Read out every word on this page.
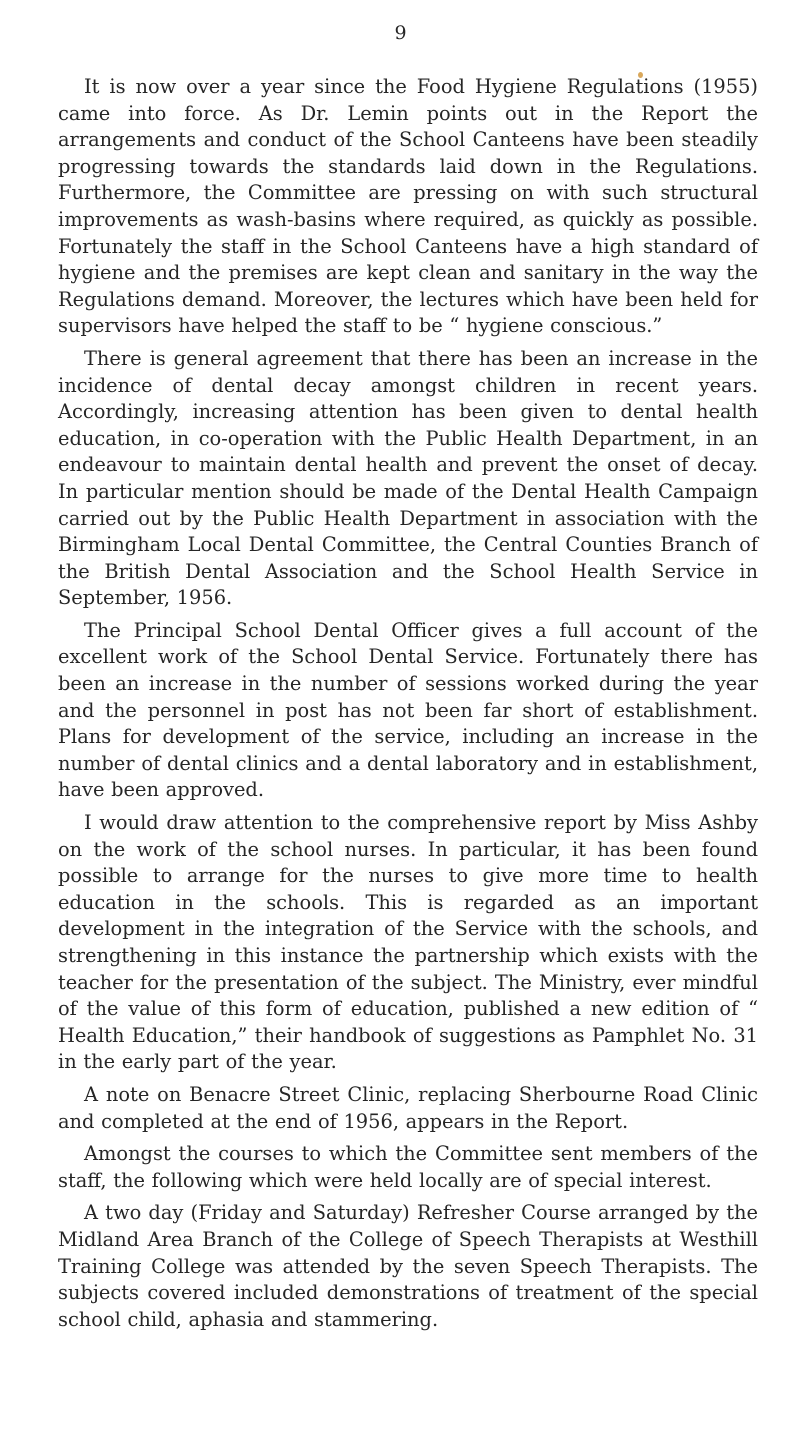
9

It is now over a year since the Food Hygiene Regulations (1955) came into force. As Dr. Lemin points out in the Report the arrangements and conduct of the School Canteens have been steadily progressing towards the standards laid down in the Regulations. Furthermore, the Committee are pressing on with such structural improvements as wash-basins where required, as quickly as possible. Fortunately the staff in the School Canteens have a high standard of hygiene and the premises are kept clean and sanitary in the way the Regulations demand. Moreover, the lectures which have been held for supervisors have helped the staff to be “ hygiene conscious.”

There is general agreement that there has been an increase in the incidence of dental decay amongst children in recent years. Accordingly, increasing attention has been given to dental health education, in co-operation with the Public Health Department, in an endeavour to maintain dental health and prevent the onset of decay. In particular mention should be made of the Dental Health Campaign carried out by the Public Health Department in association with the Birmingham Local Dental Committee, the Central Counties Branch of the British Dental Association and the School Health Service in September, 1956.

The Principal School Dental Officer gives a full account of the excellent work of the School Dental Service. Fortunately there has been an increase in the number of sessions worked during the year and the personnel in post has not been far short of establishment. Plans for development of the service, including an increase in the number of dental clinics and a dental laboratory and in establishment, have been approved.

I would draw attention to the comprehensive report by Miss Ashby on the work of the school nurses. In particular, it has been found possible to arrange for the nurses to give more time to health education in the schools. This is regarded as an important development in the integration of the Service with the schools, and strengthening in this instance the partnership which exists with the teacher for the presentation of the subject. The Ministry, ever mindful of the value of this form of education, published a new edition of “ Health Education,” their handbook of suggestions as Pamphlet No. 31 in the early part of the year.

A note on Benacre Street Clinic, replacing Sherbourne Road Clinic and completed at the end of 1956, appears in the Report.

Amongst the courses to which the Committee sent members of the staff, the following which were held locally are of special interest.

A two day (Friday and Saturday) Refresher Course arranged by the Midland Area Branch of the College of Speech Therapists at Westhill Training College was attended by the seven Speech Therapists. The subjects covered included demonstrations of treatment of the special school child, aphasia and stammering.
